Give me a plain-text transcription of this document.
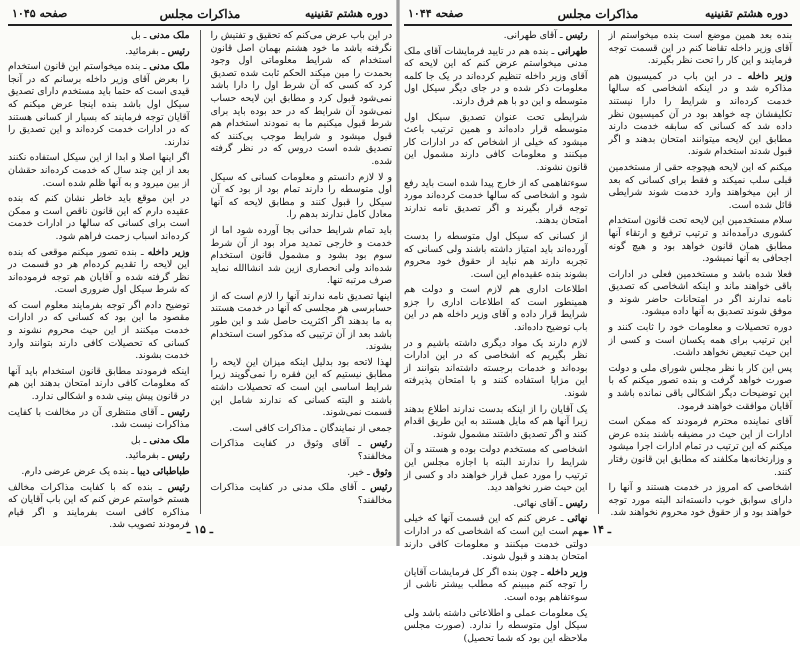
دوره هشتم تقنینیه
مذاکرات مجلس
صفحه ۱۰۴۵

در این باب عرض می‌کنم که تحقیق و تفتیش را نگرفته باشد ما خود هشتم بهمان اصل قانون استخدام که شرایط معلوماتی اول وجود بحمدت را مین میکند الحکم ثابت شده تصدیق کرد که کسی که آن شرط اول را دارا باشد نمی‌شود قبول کرد و مطابق این لایحه حساب نمی‌شود آن شرایط که در حد بوده باید برای شرط قبول میکنیم ما به نمودند استخدام هم قبول میشود و شرایط موجب بی‌کنند که تصدیق شده است دروس که در نظر گرفته شده.

و لا لازم دانستم و معلومات کسانی که سیکل اول متوسطه را دارند تمام بود از بود که آن سیکل را قبول کنند و مطابق لایحه که آنها معادل کامل ندارند بدهم را.

باید تمام شرایط حدانی بجا آورده شود اما از خدمت و خارجی تمدید مراد بود از آن شرط سوم بود بشود و مشمول قانون استخدام شده‌اند ولی انحصاری ازین شد انشاالله نماید صرف مرتبه تنها.

اینها تصدیق نامه ندارند آنها را لازم است که از حسابرسی هر مجلسی که آنها در خدمت هستند به ما بدهند اگر اکثریت حاصل شد و این طور باشد بعد از آن ترتیبی که مذکور است استخدام بشوند.

لهذا لاتحه بود بدلیل اینکه میزان این لایحه را مطابق نیستیم که این فقره را نمی‌گویند زیرا شرایط اساسی این است که تحصیلات داشته باشند و البته کسانی که ندارند شامل این قسمت نمی‌شوند.

جمعی از نمایندگان ـ مذاکرات کافی است.

رئیس ـ آقای وثوق در کفایت مذاکرات مخالفند؟

وثوق ـ خیر.

رئیس ـ آقای ملک مدنی در کفایت مذاکرات مخالفند؟

ملک مدنی ـ بل

رئیس ـ بفرمائید.

ملک مدنی ـ بنده میخواستم این قانون استخدام را بعرض آقای وزیر داخله برسانم که در آنجا قیدی است که حتما باید مستخدم دارای تصدیق سیکل اول باشد بنده اینجا عرض میکنم که آقایان توجه فرمایند که بسیار از کسانی هستند که در ادارات خدمت کرده‌اند و این تصدیق را ندارند.

اگر اینها اصلا و ابدا از این سیکل استفاده نکنند بعد از این چند سال که خدمت کرده‌اند حقشان از بین میرود و به آنها ظلم شده است.

در این موقع باید خاطر نشان کنم که بنده عقیده دارم که این قانون ناقص است و ممکن است برای کسانی که سالها در ادارات خدمت کرده‌اند اسباب زحمت فراهم شود.

وزیر داخله ـ بنده تصور میکنم موقعی که بنده این لایحه را تقدیم کرده‌ام هر دو قسمت در نظر گرفته شده و آقایان هم توجه فرموده‌اند که شرط سیکل اول ضروری است.

توضیح دادم اگر توجه بفرمایند معلوم است که مقصود ما این بود که کسانی که در ادارات خدمت میکنند از این حیث محروم نشوند و کسانی که تحصیلات کافی دارند بتوانند وارد خدمت بشوند.

اینکه فرمودند مطابق قانون استخدام باید آنها که معلومات کافی دارند امتحان بدهند این هم در قانون پیش بینی شده و اشکالی ندارد.

رئیس ـ آقای منتظری آن در مخالفت با کفایت مذاکرات نیست شد.

ملک مدنی ـ بل

رئیس ـ بفرمائید.

طباطبائی دیبا ـ بنده یک عرض عرضی دارم.

رئیس ـ بنده که با کفایت مذاکرات مخالف هستم خواستم عرض کنم که این باب آقایان که مذاکره کافی است بفرمایند و اگر قیام فرمودند تصویب شد.

ـ ۱۵ ـ
دوره هشتم تقنینیه
مذاکرات مجلس
صفحه ۱۰۴۴

بنده بعد همین موضع است بنده میخواستم از آقای وزیر داخله تقاضا کنم در این قسمت توجه فرمایند و این کار را تحت نظر بگیرند.

وزیر داخله ـ در این باب در کمیسیون هم مذاکره شد و در اینکه اشخاصی که سالها خدمت کرده‌اند و شرایط را دارا نیستند تکلیفشان چه خواهد بود در آن کمیسیون نظر داده شد که کسانی که سابقه خدمت دارند مطابق این لایحه میتوانند امتحان بدهند و اگر قبول شدند استخدام شوند.

میکنم که این لایحه هیچوجه حقی از مستخدمین قبلی سلب نمیکند و فقط برای کسانی که بعد از این میخواهند وارد خدمت شوند شرایطی قائل شده است.

سلام مستخدمین این لایحه تحت قانون استخدام کشوری درآمده‌اند و ترتیب ترفیع و ارتقاء آنها مطابق همان قانون خواهد بود و هیچ گونه اجحافی به آنها نمیشود.

فعلا شده باشد و مستخدمین فعلی در ادارات باقی خواهند ماند و اینکه اشخاصی که تصدیق نامه ندارند اگر در امتحانات حاضر شوند و موفق شوند تصدیق به آنها داده میشود.

دوره تحصیلات و معلومات خود را ثابت کنند و این ترتیب برای همه یکسان است و کسی از این حیث تبعیض نخواهد داشت.

پس این کار با نظر مجلس شورای ملی و دولت صورت خواهد گرفت و بنده تصور میکنم که با این توضیحات دیگر اشکالی باقی نمانده باشد و آقایان موافقت خواهند فرمود.

آقای نماینده محترم فرمودند که ممکن است ادارات از این حیث در مضیقه باشند بنده عرض میکنم که این ترتیب در تمام ادارات اجرا میشود و وزارتخانه‌ها مکلفند که مطابق این قانون رفتار کنند.

اشخاصی که امروز در خدمت هستند و آنها را دارای سوابق خوب دانسته‌اند البته مورد توجه خواهند بود و از حقوق خود محروم نخواهند شد.

رئیس ـ آقای طهرانی.

طهرانی ـ بنده هم در تایید فرمایشات آقای ملک مدنی میخواستم عرض کنم که این لایحه که آقای وزیر داخله تنظیم کرده‌اند در یک جا کلمه معلومات ذکر شده و در جای دیگر سیکل اول متوسطه و این دو با هم فرق دارند.

شرایطی تحت عنوان تصدیق سیکل اول متوسطه قرار داده‌اند و همین ترتیب باعث میشود که خیلی از اشخاص که در ادارات کار میکنند و معلومات کافی دارند مشمول این قانون نشوند.

سوءتفاهمی که از خارج پیدا شده است باید رفع شود و اشخاصی که سالها خدمت کرده‌اند مورد توجه قرار بگیرند و اگر تصدیق نامه ندارند امتحان بدهند.

از کسانی که سیکل اول متوسطه را بدست آورده‌اند باید امتیاز داشته باشند ولی کسانی که تجربه دارند هم نباید از حقوق خود محروم بشوند بنده عقیده‌ام این است.

اطلاعات اداری هم لازم است و دولت هم همینطور است که اطلاعات اداری را جزو شرایط قرار داده و آقای وزیر داخله هم در این باب توضیح داده‌اند.

لازم دارند یک مواد دیگری داشته باشیم و در نظر بگیریم که اشخاصی که در این ادارات بوده‌اند و خدمات برجسته داشته‌اند بتوانند از این مزایا استفاده کنند و با امتحان پذیرفته شوند.

یک آقایان را از اینکه بدست ندارند اطلاع بدهند زیرا آنها هم که مایل هستند به این طریق اقدام کنند و اگر تصدیق داشتند مشمول شوند.

اشخاصی که مستخدم دولت بوده و هستند و آن شرایط را ندارند البته با اجازه مجلس این ترتیب را مورد عمل قرار خواهند داد و کسی از این حیث ضرر نخواهد دید.

رئیس ـ آقای نهائی.

نهائی ـ عرض کنم که این قسمت آنها که خیلی مهم است این است که اشخاصی که در ادارات دولتی خدمت میکنند و معلومات کافی دارند امتحان بدهند و قبول شوند.

وزیر داخله ـ چون بنده اگر کل فرمایشات آقایان را توجه کنم میبینم که مطلب بیشتر ناشی از سوءتفاهم بوده است.

یک معلومات عملی و اطلاعاتی داشته باشد ولی سیکل اول متوسطه را ندارد. (صورت مجلس ملاحظه این بود که شما تحصیل)

ـ ۱۴ ـ
